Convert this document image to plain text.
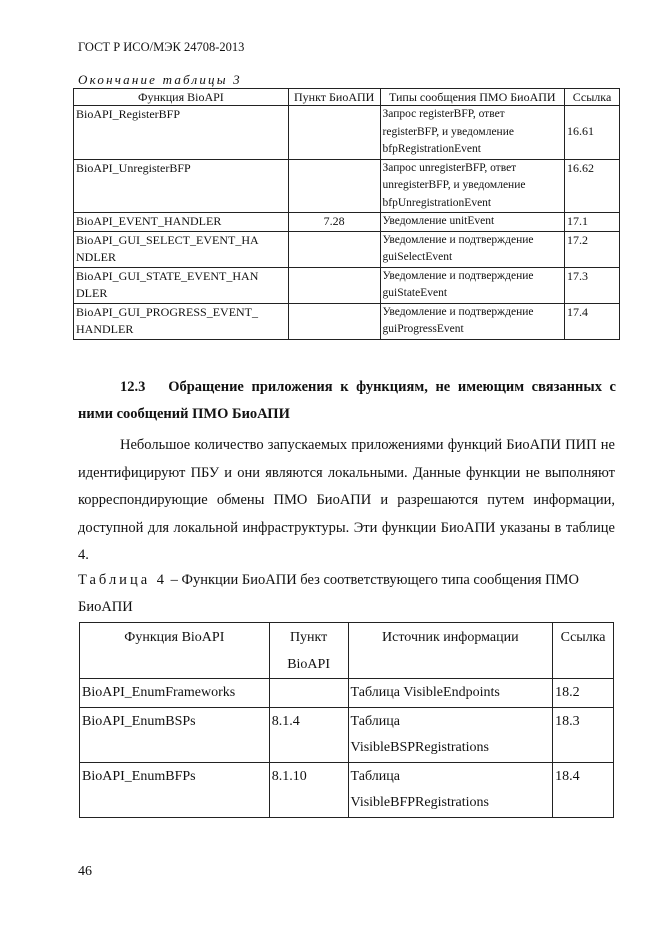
ГОСТ Р ИСО/МЭК 24708-2013
Окончание таблицы 3
Функция BioAPI	Пункт БиоАПИ	Типы сообщения ПМО БиоАПИ	Ссылка
BioAPI_RegisterBFP		Запрос registerBFP, ответ registerBFP, и уведомление bfpRegistrationEvent	16.61
BioAPI_UnregisterBFP		Запрос unregisterBFP, ответ unregisterBFP, и уведомление bfpUnregistrationEvent	16.62
BioAPI_EVENT_HANDLER	7.28	Уведомление unitEvent	17.1
BioAPI_GUI_SELECT_EVENT_HA NDLER		Уведомление и подтверждение guiSelectEvent	17.2
BioAPI_GUI_STATE_EVENT_HAN DLER		Уведомление и подтверждение guiStateEvent	17.3
BioAPI_GUI_PROGRESS_EVENT_ HANDLER		Уведомление и подтверждение guiProgressEvent	17.4
12.3 Обращение приложения к функциям, не имеющим связанных с
ними сообщений ПМО БиоАПИ
Небольшое количество запускаемых приложениями функций БиоАПИ ПИП не идентифицируют ПБУ и они являются локальными. Данные функции не выполняют корреспондирующие обмены ПМО БиоАПИ и разрешаются путем информации, доступной для локальной инфраструктуры. Эти функции БиоАПИ указаны в таблице 4.
Таблица 4 – Функции БиоАПИ без соответствующего типа сообщения ПМО БиоАПИ
Функция BioAPI	Пункт BioAPI	Источник информации	Ссылка
BioAPI_EnumFrameworks		Таблица VisibleEndpoints	18.2
BioAPI_EnumBSPs	8.1.4	Таблица VisibleBSPRegistrations	18.3
BioAPI_EnumBFPs	8.1.10	Таблица VisibleBFPRegistrations	18.4
46
